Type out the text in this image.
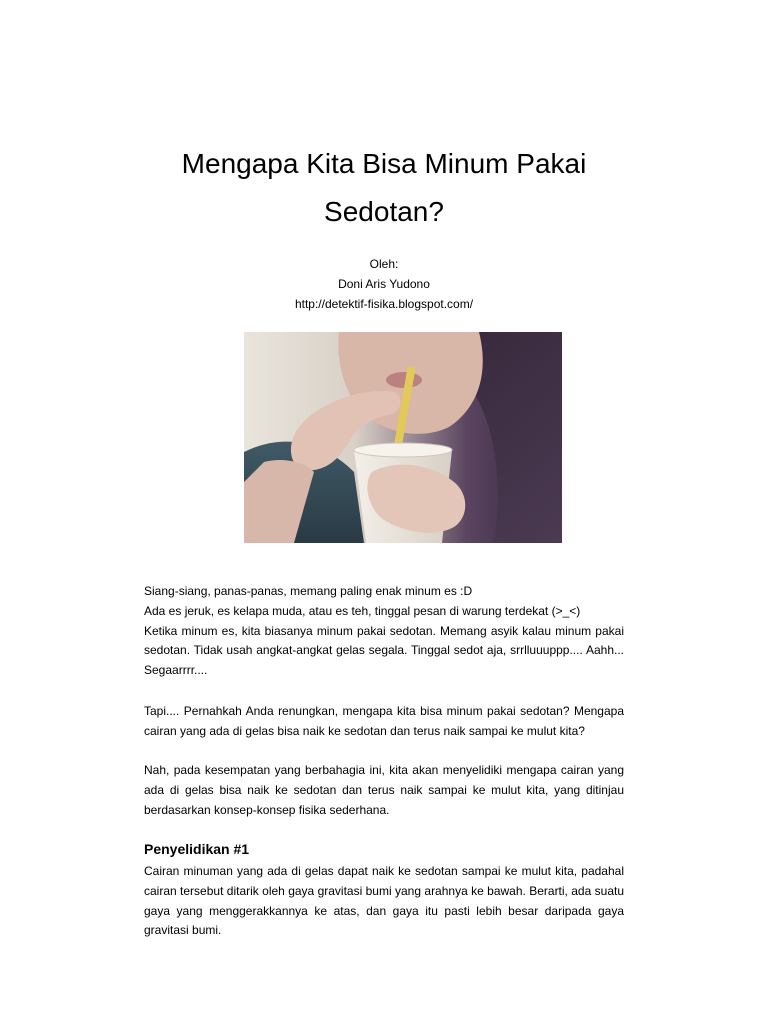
Mengapa Kita Bisa Minum Pakai Sedotan?
Oleh:
Doni Aris Yudono
http://detektif-fisika.blogspot.com/

Siang-siang, panas-panas, memang paling enak minum es :D
Ada es jeruk, es kelapa muda, atau es teh, tinggal pesan di warung terdekat (>_<)
Ketika minum es, kita biasanya minum pakai sedotan. Memang asyik kalau minum pakai sedotan. Tidak usah angkat-angkat gelas segala. Tinggal sedot aja, srrlluuuppp.... Aahh... Segaarrrr....

Tapi.... Pernahkah Anda renungkan, mengapa kita bisa minum pakai sedotan? Mengapa cairan yang ada di gelas bisa naik ke sedotan dan terus naik sampai ke mulut kita?

Nah, pada kesempatan yang berbahagia ini, kita akan menyelidiki mengapa cairan yang ada di gelas bisa naik ke sedotan dan terus naik sampai ke mulut kita, yang ditinjau berdasarkan konsep-konsep fisika sederhana.

Penyelidikan #1

Cairan minuman yang ada di gelas dapat naik ke sedotan sampai ke mulut kita, padahal cairan tersebut ditarik oleh gaya gravitasi bumi yang arahnya ke bawah. Berarti, ada suatu gaya yang menggerakkannya ke atas, dan gaya itu pasti lebih besar daripada gaya gravitasi bumi.
